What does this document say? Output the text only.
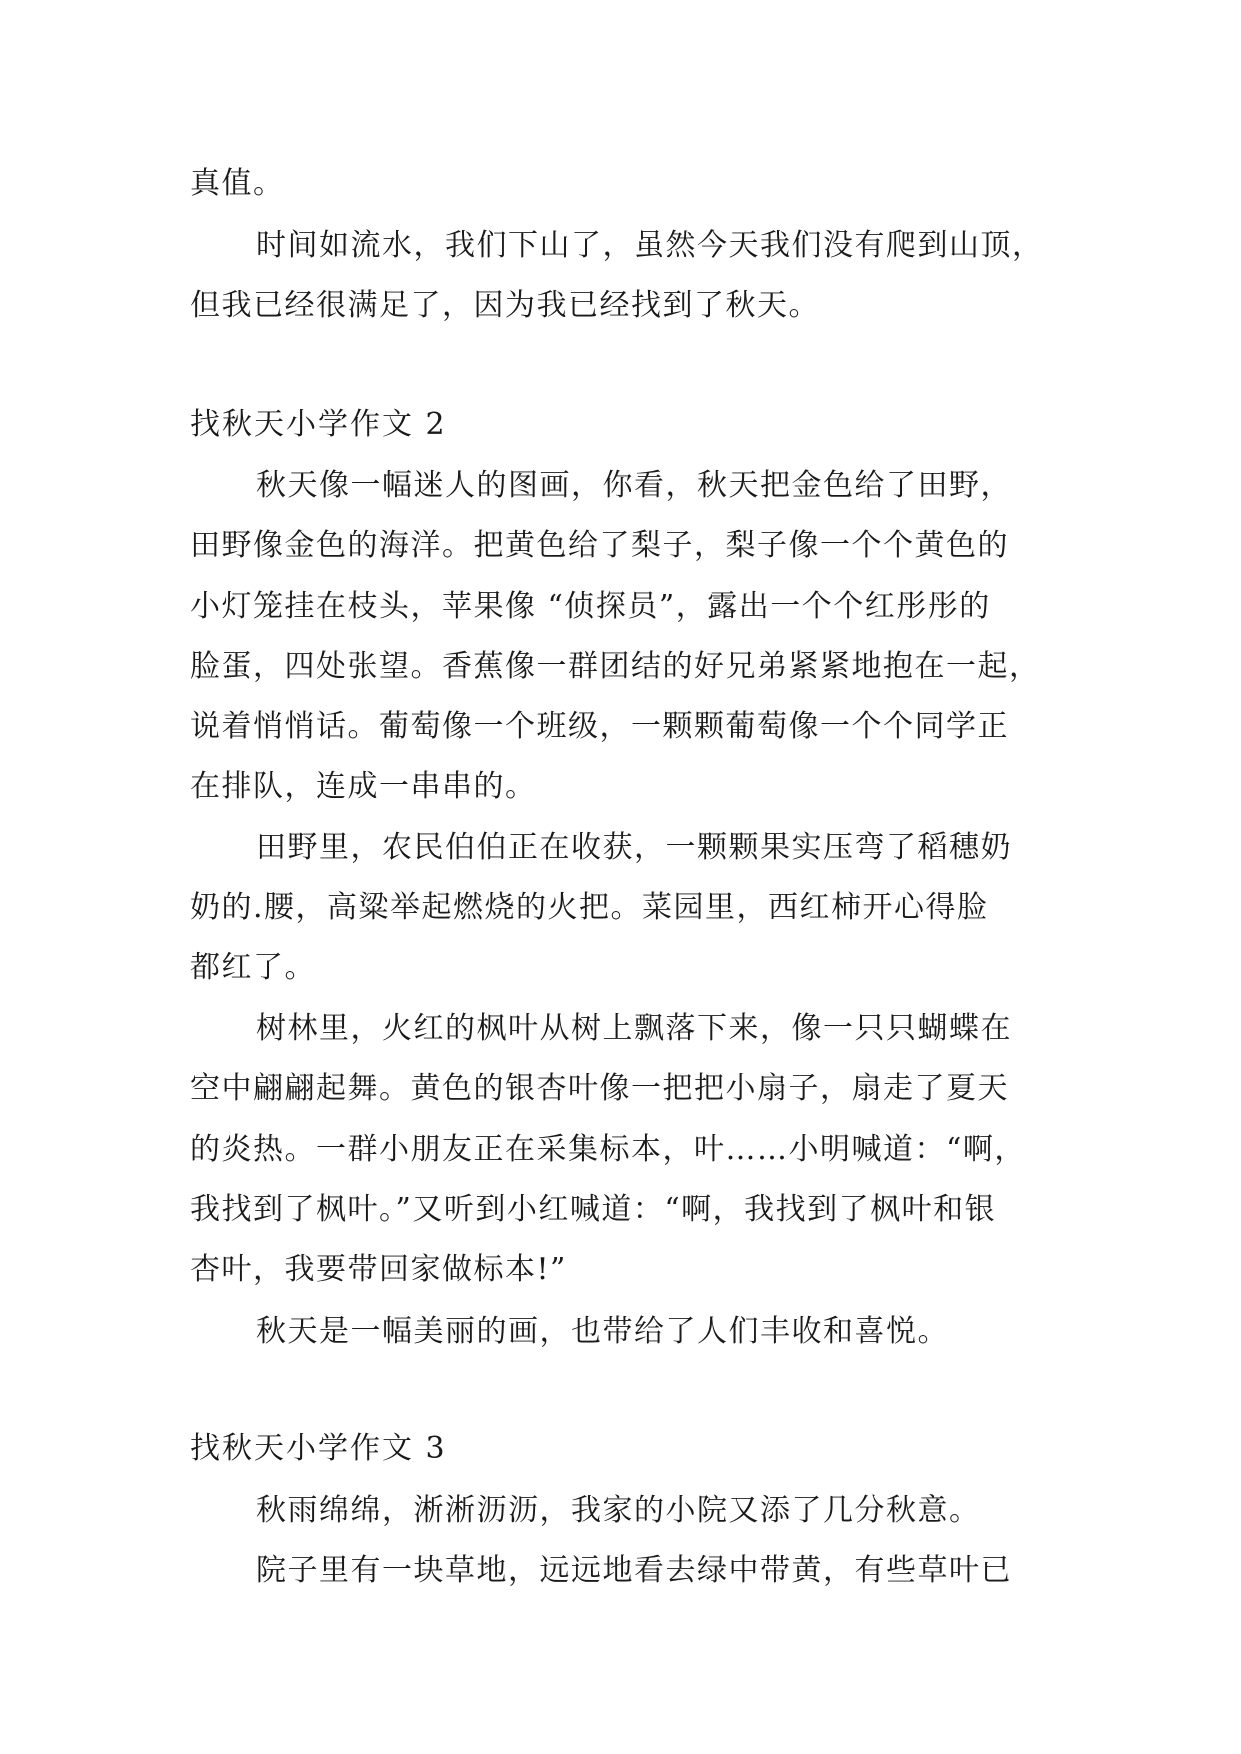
真值。

时间如流水，我们下山了，虽然今天我们没有爬到山顶，

但我已经很满足了，因为我已经找到了秋天。

找秋天小学作文 2

秋天像一幅迷人的图画，你看，秋天把金色给了田野，

田野像金色的海洋。把黄色给了梨子，梨子像一个个黄色的

小灯笼挂在枝头，苹果像 “侦探员”，露出一个个红彤彤的

脸蛋，四处张望。香蕉像一群团结的好兄弟紧紧地抱在一起，

说着悄悄话。葡萄像一个班级，一颗颗葡萄像一个个同学正

在排队，连成一串串的。

田野里，农民伯伯正在收获，一颗颗果实压弯了稻穗奶

奶的.腰，高粱举起燃烧的火把。菜园里，西红柿开心得脸

都红了。

树林里，火红的枫叶从树上飘落下来，像一只只蝴蝶在

空中翩翩起舞。黄色的银杏叶像一把把小扇子，扇走了夏天

的炎热。一群小朋友正在采集标本，叶……小明喊道：“啊，

我找到了枫叶。”又听到小红喊道：“啊，我找到了枫叶和银

杏叶，我要带回家做标本!”

秋天是一幅美丽的画，也带给了人们丰收和喜悦。

找秋天小学作文 3

秋雨绵绵，淅淅沥沥，我家的小院又添了几分秋意。

院子里有一块草地，远远地看去绿中带黄，有些草叶已
